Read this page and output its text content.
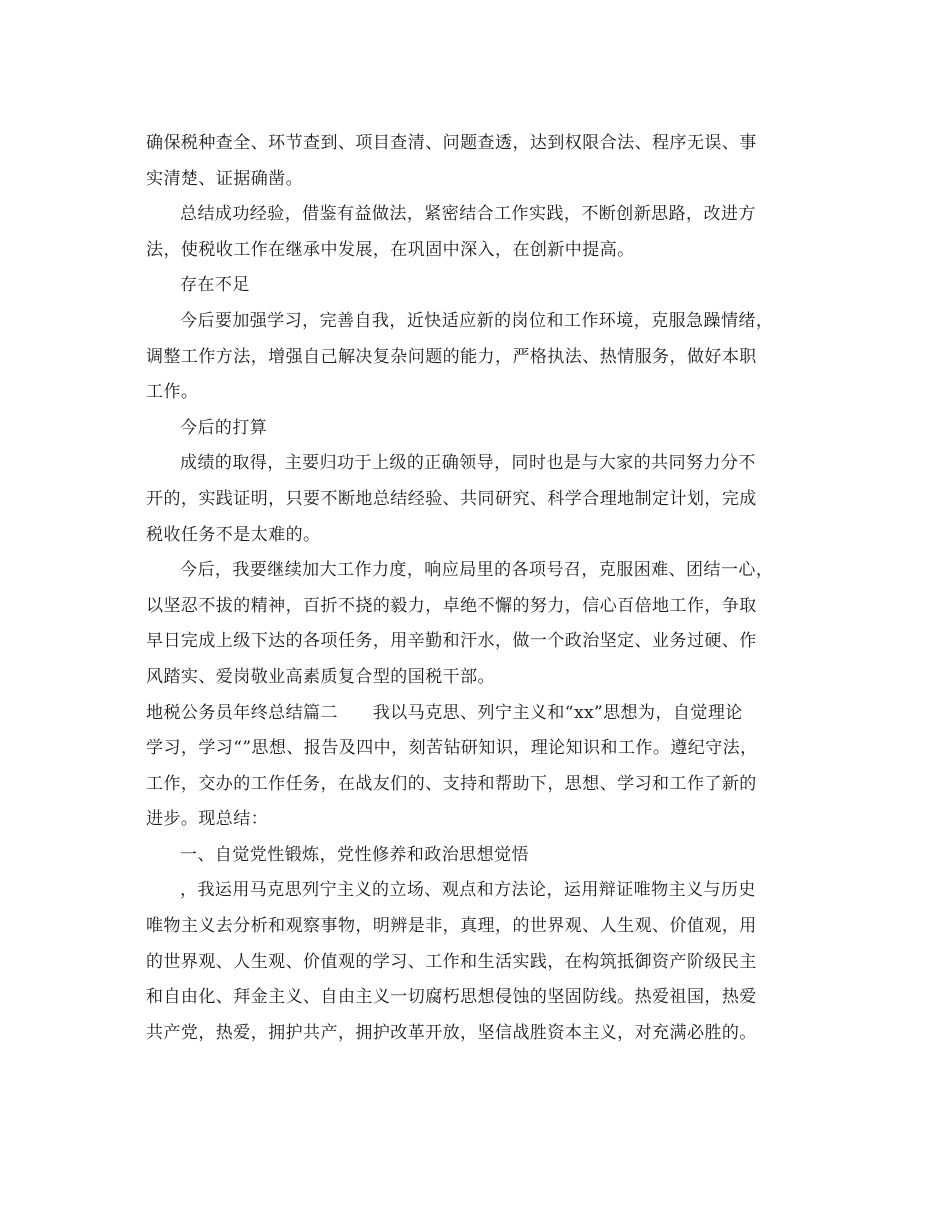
确保税种查全、环节查到、项目查清、问题查透，达到权限合法、程序无误、事
实清楚、证据确凿。
总结成功经验，借鉴有益做法，紧密结合工作实践，不断创新思路，改进方
法，使税收工作在继承中发展，在巩固中深入，在创新中提高。
存在不足
今后要加强学习，完善自我，近快适应新的岗位和工作环境，克服急躁情绪，
调整工作方法，增强自己解决复杂问题的能力，严格执法、热情服务，做好本职
工作。
今后的打算
成绩的取得，主要归功于上级的正确领导，同时也是与大家的共同努力分不
开的，实践证明，只要不断地总结经验、共同研究、科学合理地制定计划，完成
税收任务不是太难的。
今后，我要继续加大工作力度，响应局里的各项号召，克服困难、团结一心，
以坚忍不拔的精神，百折不挠的毅力，卓绝不懈的努力，信心百倍地工作，争取
早日完成上级下达的各项任务，用辛勤和汗水，做一个政治坚定、业务过硬、作
风踏实、爱岗敬业高素质复合型的国税干部。
地税公务员年终总结篇二　　我以马克思、列宁主义和“xx”思想为，自觉理论
学习，学习“”思想、报告及四中，刻苦钻研知识，理论知识和工作。遵纪守法，
工作，交办的工作任务，在战友们的、支持和帮助下，思想、学习和工作了新的
进步。现总结：
一、自觉党性锻炼，党性修养和政治思想觉悟
，我运用马克思列宁主义的立场、观点和方法论，运用辩证唯物主义与历史
唯物主义去分析和观察事物，明辨是非，真理，的世界观、人生观、价值观，用
的世界观、人生观、价值观的学习、工作和生活实践，在构筑抵御资产阶级民主
和自由化、拜金主义、自由主义一切腐朽思想侵蚀的坚固防线。热爱祖国，热爱
共产党，热爱，拥护共产，拥护改革开放，坚信战胜资本主义，对充满必胜的。
